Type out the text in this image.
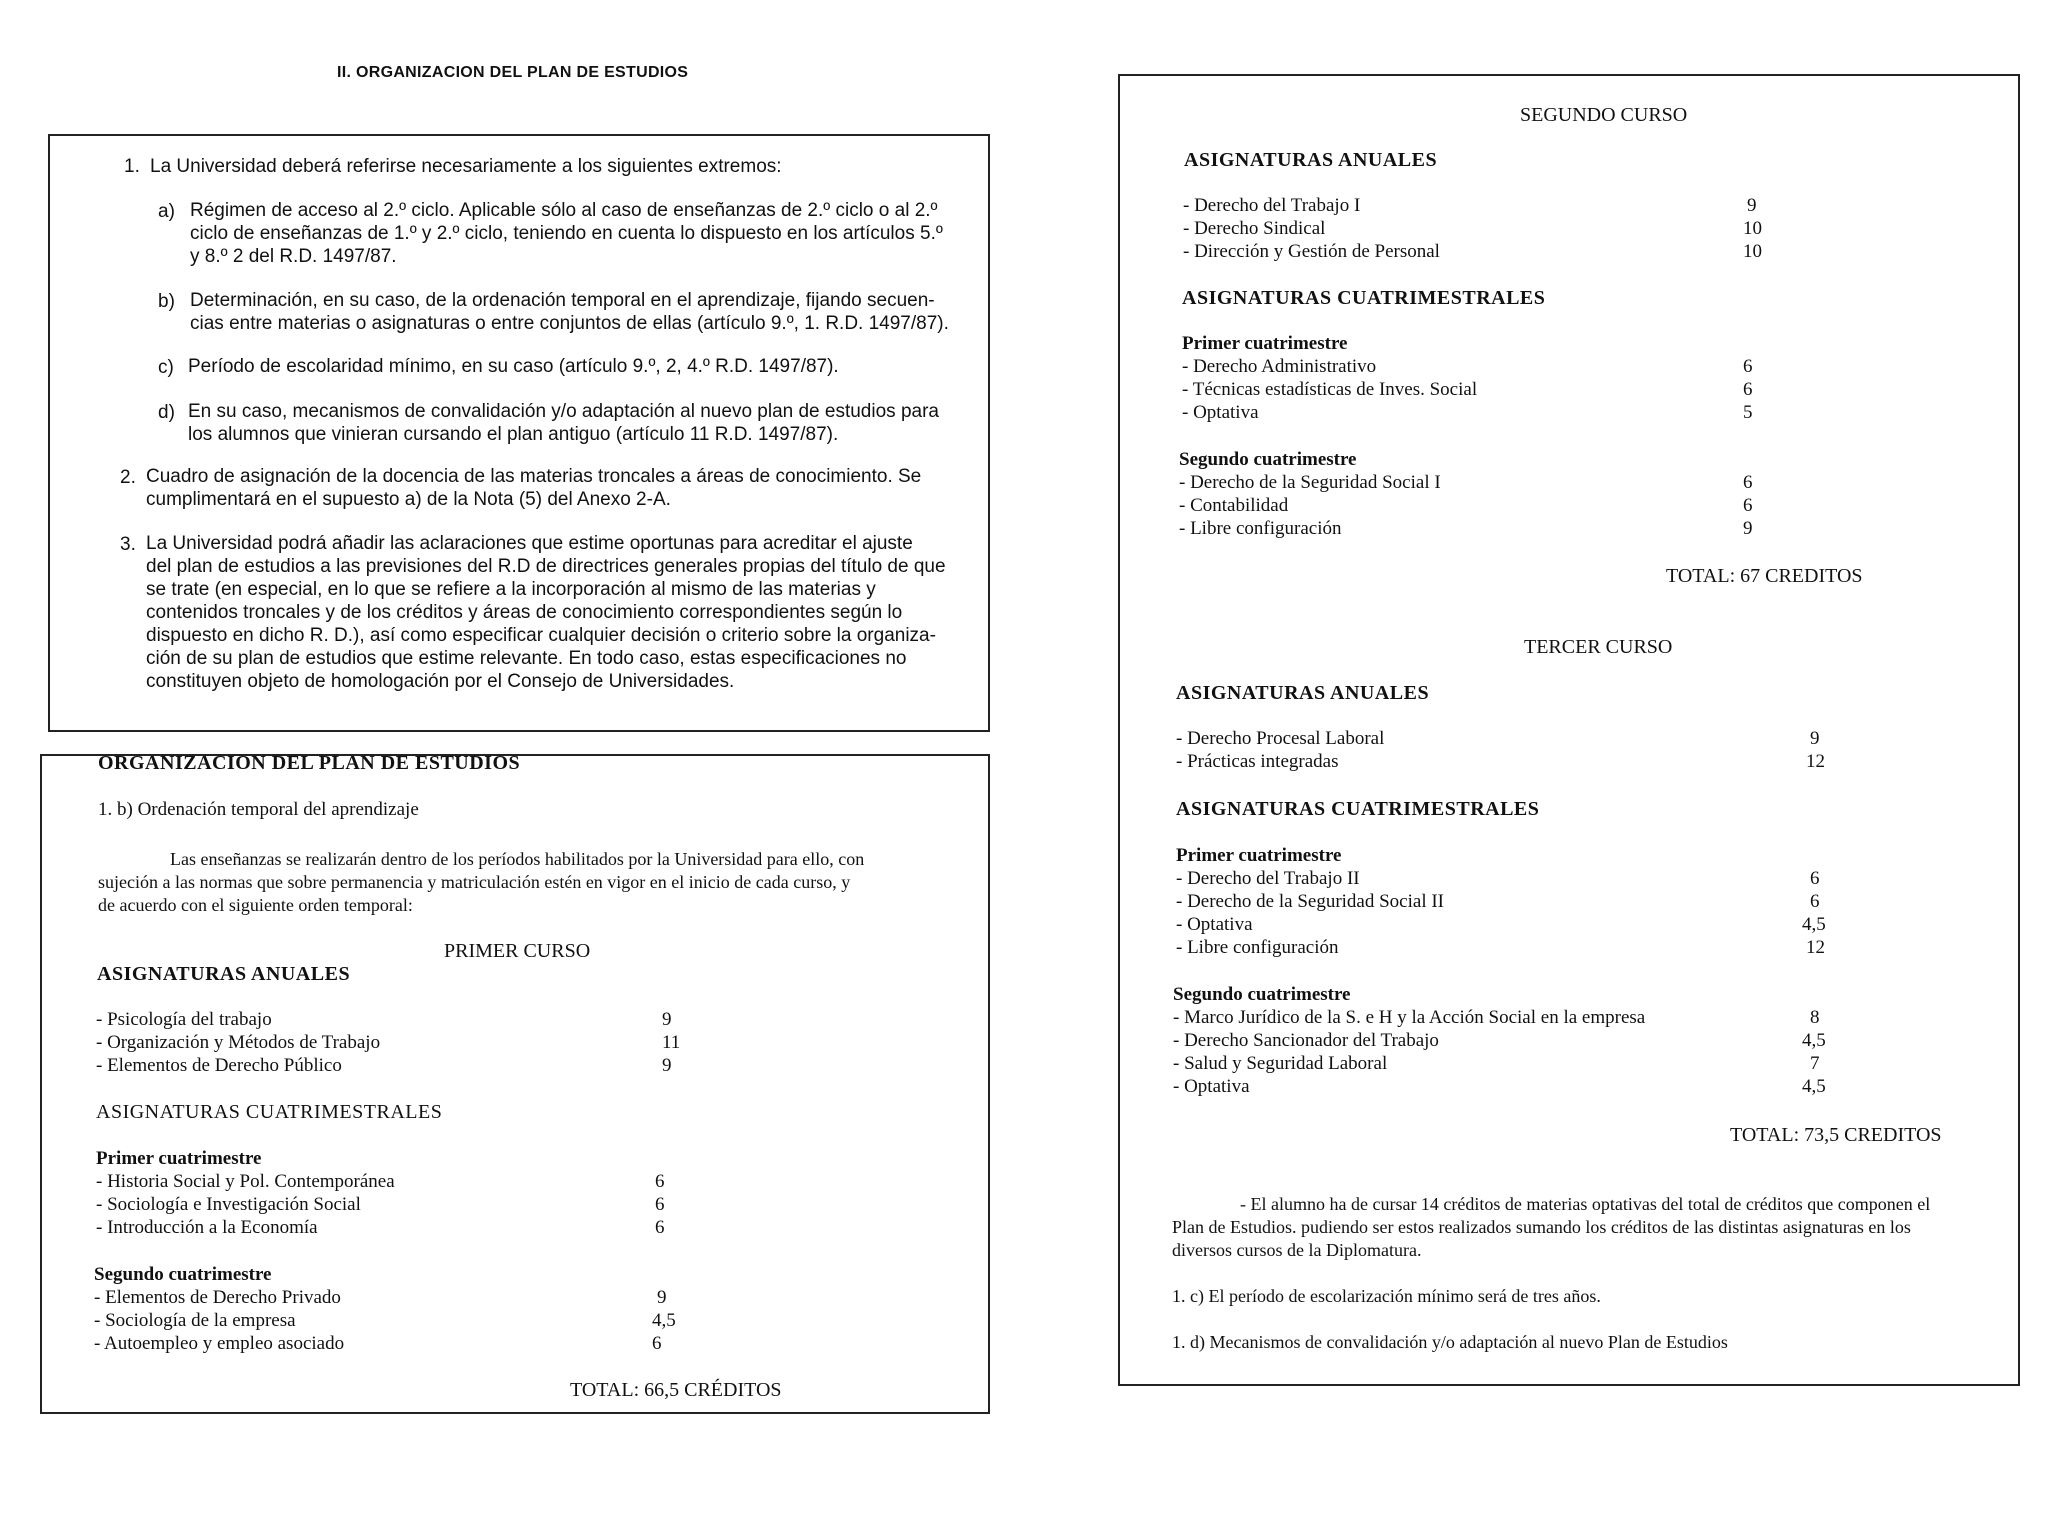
II. ORGANIZACION DEL PLAN DE ESTUDIOS
1. La Universidad deberá referirse necesariamente a los siguientes extremos:
a) Régimen de acceso al 2.º ciclo. Aplicable sólo al caso de enseñanzas de 2.º ciclo o al 2.º
ciclo de enseñanzas de 1.º y 2.º ciclo, teniendo en cuenta lo dispuesto en los artículos 5.º
y 8.º 2 del R.D. 1497/87.
b) Determinación, en su caso, de la ordenación temporal en el aprendizaje, fijando secuen-
cias entre materias o asignaturas o entre conjuntos de ellas (artículo 9.º, 1. R.D. 1497/87).
c) Período de escolaridad mínimo, en su caso (artículo 9.º, 2, 4.º R.D. 1497/87).
d) En su caso, mecanismos de convalidación y/o adaptación al nuevo plan de estudios para
los alumnos que vinieran cursando el plan antiguo (artículo 11 R.D. 1497/87).
2. Cuadro de asignación de la docencia de las materias troncales a áreas de conocimiento. Se
cumplimentará en el supuesto a) de la Nota (5) del Anexo 2-A.
3. La Universidad podrá añadir las aclaraciones que estime oportunas para acreditar el ajuste
del plan de estudios a las previsiones del R.D de directrices generales propias del título de que
se trate (en especial, en lo que se refiere a la incorporación al mismo de las materias y
contenidos troncales y de los créditos y áreas de conocimiento correspondientes según lo
dispuesto en dicho R. D.), así como especificar cualquier decisión o criterio sobre la organiza-
ción de su plan de estudios que estime relevante. En todo caso, estas especificaciones no
constituyen objeto de homologación por el Consejo de Universidades.
ORGANIZACION DEL PLAN DE ESTUDIOS
1. b) Ordenación temporal del aprendizaje
Las enseñanzas se realizarán dentro de los períodos habilitados por la Universidad para ello, con
sujeción a las normas que sobre permanencia y matriculación estén en vigor en el inicio de cada curso, y
de acuerdo con el siguiente orden temporal:
PRIMER CURSO
ASIGNATURAS ANUALES
- Psicología del trabajo	9
- Organización y Métodos de Trabajo	11
- Elementos de Derecho Público	9
ASIGNATURAS CUATRIMESTRALES
Primer cuatrimestre
- Historia Social y Pol. Contemporánea	6
- Sociología e Investigación Social	6
- Introducción a la Economía	6
Segundo cuatrimestre
- Elementos de Derecho Privado	9
- Sociología de la empresa	4,5
- Autoempleo y empleo asociado	6
TOTAL: 66,5 CRÉDITOS
SEGUNDO CURSO
ASIGNATURAS ANUALES
- Derecho del Trabajo I	9
- Derecho Sindical	10
- Dirección y Gestión de Personal	10
ASIGNATURAS CUATRIMESTRALES
Primer cuatrimestre
- Derecho Administrativo	6
- Técnicas estadísticas de Inves. Social	6
- Optativa	5
Segundo cuatrimestre
- Derecho de la Seguridad Social I	6
- Contabilidad	6
- Libre configuración	9
TOTAL: 67 CREDITOS
TERCER CURSO
ASIGNATURAS ANUALES
- Derecho Procesal Laboral	9
- Prácticas integradas	12
ASIGNATURAS CUATRIMESTRALES
Primer cuatrimestre
- Derecho del Trabajo II	6
- Derecho de la Seguridad Social II	6
- Optativa	4,5
- Libre configuración	12
Segundo cuatrimestre
- Marco Jurídico de la S. e H y la Acción Social en la empresa	8
- Derecho Sancionador del Trabajo	4,5
- Salud y Seguridad Laboral	7
- Optativa	4,5
TOTAL: 73,5 CREDITOS
- El alumno ha de cursar 14 créditos de materias optativas del total de créditos que componen el
Plan de Estudios. pudiendo ser estos realizados sumando los créditos de las distintas asignaturas en los
diversos cursos de la Diplomatura.
1. c) El período de escolarización mínimo será de tres años.
1. d) Mecanismos de convalidación y/o adaptación al nuevo Plan de Estudios
